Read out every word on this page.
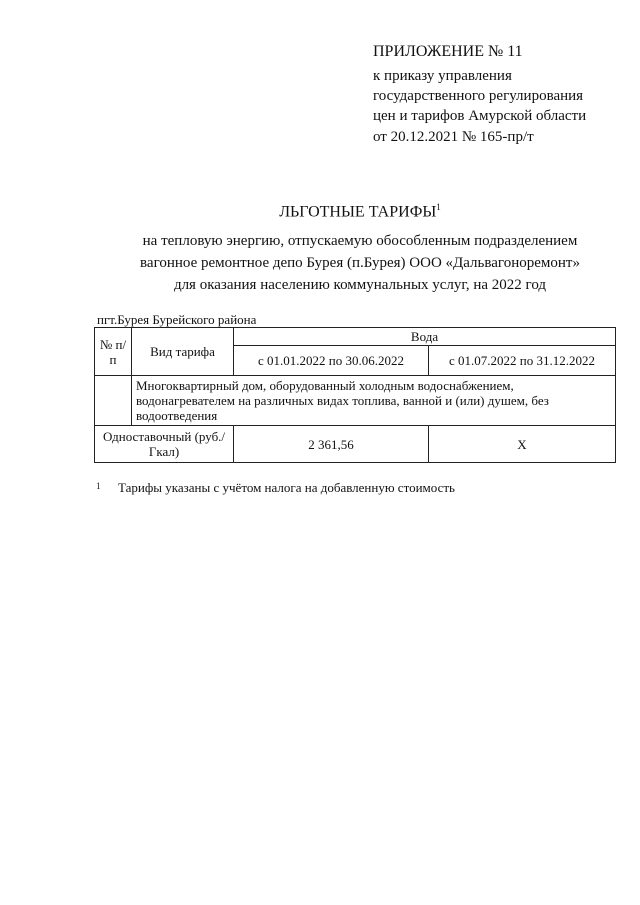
ПРИЛОЖЕНИЕ № 11
к приказу управления
государственного регулирования
цен и тарифов Амурской области
от 20.12.2021 № 165-пр/т
ЛЬГОТНЫЕ ТАРИФЫ$^1$
на тепловую энергию, отпускаемую обособленным подразделением
вагонное ремонтное депо Бурея (п.Бурея) ООО «Дальвагоноремонт»
для оказания населению коммунальных услуг, на 2022 год
пгт.Бурея Бурейского района
№ п/п	Вид тарифа	Вода	
		с 01.01.2022 по 30.06.2022	с 01.07.2022 по 31.12.2022
	Многоквартирный дом, оборудованный холодным водоснабжением, водонагревателем на различных видах топлива, ванной и (или) душем, без водоотведения		
Одноставочный (руб./Гкал)		2 361,56	Х
1 Тарифы указаны с учётом налога на добавленную стоимость
